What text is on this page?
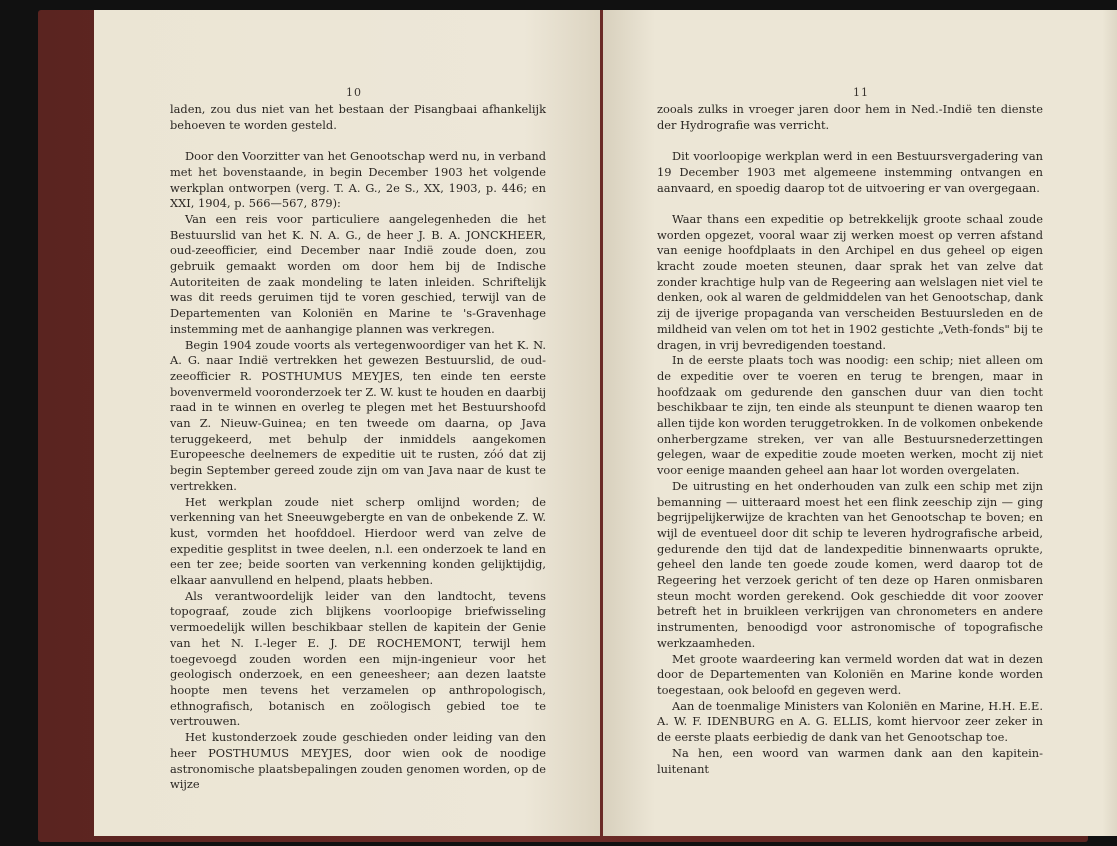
10

laden, zou dus niet van het bestaan der Pisangbaai afhankelijk behoeven te worden gesteld.

Door den Voorzitter van het Genootschap werd nu, in verband met het bovenstaande, in begin December 1903 het volgende werkplan ontworpen (verg. T. A. G., 2e S., XX, 1903, p. 446; en XXI, 1904, p. 566—567, 879):

Van een reis voor particuliere aangelegenheden die het Bestuurslid van het K. N. A. G., de heer J. B. A. JONCKHEER, oud-zeeofficier, eind December naar Indië zoude doen, zou gebruik gemaakt worden om door hem bij de Indische Autoriteiten de zaak mondeling te laten inleiden. Schriftelijk was dit reeds geruimen tijd te voren geschied, terwijl van de Departementen van Koloniën en Marine te 's-Gravenhage instemming met de aanhangige plannen was verkregen.

Begin 1904 zoude voorts als vertegenwoordiger van het K. N. A. G. naar Indië vertrekken het gewezen Bestuurslid, de oud-zeeofficier R. POSTHUMUS MEYJES, ten einde ten eerste bovenvermeld vooronderzoek ter Z. W. kust te houden en daarbij raad in te winnen en overleg te plegen met het Bestuurshoofd van Z. Nieuw-Guinea; en ten tweede om daarna, op Java teruggekeerd, met behulp der inmiddels aangekomen Europeesche deelnemers de expeditie uit te rusten, zóó dat zij begin September gereed zoude zijn om van Java naar de kust te vertrekken.

Het werkplan zoude niet scherp omlijnd worden; de verkenning van het Sneeuwgebergte en van de onbekende Z. W. kust, vormden het hoofddoel. Hierdoor werd van zelve de expeditie gesplitst in twee deelen, n.l. een onderzoek te land en een ter zee; beide soorten van verkenning konden gelijktijdig, elkaar aanvullend en helpend, plaats hebben.

Als verantwoordelijk leider van den landtocht, tevens topograaf, zoude zich blijkens voorloopige briefwisseling vermoedelijk willen beschikbaar stellen de kapitein der Genie van het N. I.-leger E. J. DE ROCHEMONT, terwijl hem toegevoegd zouden worden een mijn-ingenieur voor het geologisch onderzoek, en een geneesheer; aan dezen laatste hoopte men tevens het verzamelen op anthropologisch, ethnografisch, botanisch en zoölogisch gebied toe te vertrouwen.

Het kustonderzoek zoude geschieden onder leiding van den heer POSTHUMUS MEYJES, door wien ook de noodige astronomische plaatsbepalingen zouden genomen worden, op de wijze

11

zooals zulks in vroeger jaren door hem in Ned.-Indië ten dienste der Hydrografie was verricht.

Dit voorloopige werkplan werd in een Bestuursvergadering van 19 December 1903 met algemeene instemming ontvangen en aanvaard, en spoedig daarop tot de uitvoering er van overgegaan.

Waar thans een expeditie op betrekkelijk groote schaal zoude worden opgezet, vooral waar zij werken moest op verren afstand van eenige hoofdplaats in den Archipel en dus geheel op eigen kracht zoude moeten steunen, daar sprak het van zelve dat zonder krachtige hulp van de Regeering aan welslagen niet viel te denken, ook al waren de geldmiddelen van het Genootschap, dank zij de ijverige propaganda van verscheiden Bestuursleden en de mildheid van velen om tot het in 1902 gestichte „Veth-fonds" bij te dragen, in vrij bevredigenden toestand.

In de eerste plaats toch was noodig: een schip; niet alleen om de expeditie over te voeren en terug te brengen, maar in hoofdzaak om gedurende den ganschen duur van dien tocht beschikbaar te zijn, ten einde als steunpunt te dienen waarop ten allen tijde kon worden teruggetrokken. In de volkomen onbekende onherbergzame streken, ver van alle Bestuursnederzettingen gelegen, waar de expeditie zoude moeten werken, mocht zij niet voor eenige maanden geheel aan haar lot worden overgelaten.

De uitrusting en het onderhouden van zulk een schip met zijn bemanning — uitteraard moest het een flink zeeschip zijn — ging begrijpelijkerwijze de krachten van het Genootschap te boven; en wijl de eventueel door dit schip te leveren hydrografische arbeid, gedurende den tijd dat de landexpeditie binnenwaarts oprukte, geheel den lande ten goede zoude komen, werd daarop tot de Regeering het verzoek gericht of ten deze op Haren onmisbaren steun mocht worden gerekend. Ook geschiedde dit voor zoover betreft het in bruikleen verkrijgen van chronometers en andere instrumenten, benoodigd voor astronomische of topografische werkzaamheden.

Met groote waardeering kan vermeld worden dat wat in dezen door de Departementen van Koloniën en Marine konde worden toegestaan, ook beloofd en gegeven werd.

Aan de toenmalige Ministers van Koloniën en Marine, H.H. E.E. A. W. F. IDENBURG en A. G. ELLIS, komt hiervoor zeer zeker in de eerste plaats eerbiedig de dank van het Genootschap toe.

Na hen, een woord van warmen dank aan den kapitein-luitenant
